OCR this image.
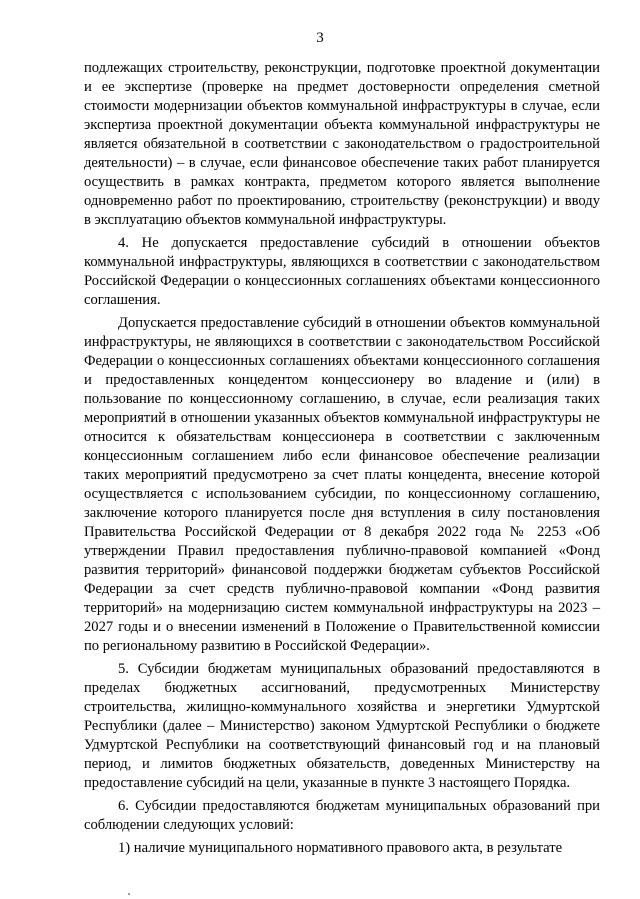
3

подлежащих строительству, реконструкции, подготовке проектной документации и ее экспертизе (проверке на предмет достоверности определения сметной стоимости модернизации объектов коммунальной инфраструктуры в случае, если экспертиза проектной документации объекта коммунальной инфраструктуры не является обязательной в соответствии с законодательством о градостроительной деятельности) – в случае, если финансовое обеспечение таких работ планируется осуществить в рамках контракта, предметом которого является выполнение одновременно работ по проектированию, строительству (реконструкции) и вводу в эксплуатацию объектов коммунальной инфраструктуры.

4. Не допускается предоставление субсидий в отношении объектов коммунальной инфраструктуры, являющихся в соответствии с законодательством Российской Федерации о концессионных соглашениях объектами концессионного соглашения.

Допускается предоставление субсидий в отношении объектов коммунальной инфраструктуры, не являющихся в соответствии с законодательством Российской Федерации о концессионных соглашениях объектами концессионного соглашения и предоставленных концедентом концессионеру во владение и (или) в пользование по концессионному соглашению, в случае, если реализация таких мероприятий в отношении указанных объектов коммунальной инфраструктуры не относится к обязательствам концессионера в соответствии с заключенным концессионным соглашением либо если финансовое обеспечение реализации таких мероприятий предусмотрено за счет платы концедента, внесение которой осуществляется с использованием субсидии, по концессионному соглашению, заключение которого планируется после дня вступления в силу постановления Правительства Российской Федерации от 8 декабря 2022 года № 2253 «Об утверждении Правил предоставления публично-правовой компанией «Фонд развития территорий» финансовой поддержки бюджетам субъектов Российской Федерации за счет средств публично-правовой компании «Фонд развития территорий» на модернизацию систем коммунальной инфраструктуры на 2023 – 2027 годы и о внесении изменений в Положение о Правительственной комиссии по региональному развитию в Российской Федерации».

5. Субсидии бюджетам муниципальных образований предоставляются в пределах бюджетных ассигнований, предусмотренных Министерству строительства, жилищно-коммунального хозяйства и энергетики Удмуртской Республики (далее – Министерство) законом Удмуртской Республики о бюджете Удмуртской Республики на соответствующий финансовый год и на плановый период, и лимитов бюджетных обязательств, доведенных Министерству на предоставление субсидий на цели, указанные в пункте 3 настоящего Порядка.

6. Субсидии предоставляются бюджетам муниципальных образований при соблюдении следующих условий:

1) наличие муниципального нормативного правового акта, в результате
